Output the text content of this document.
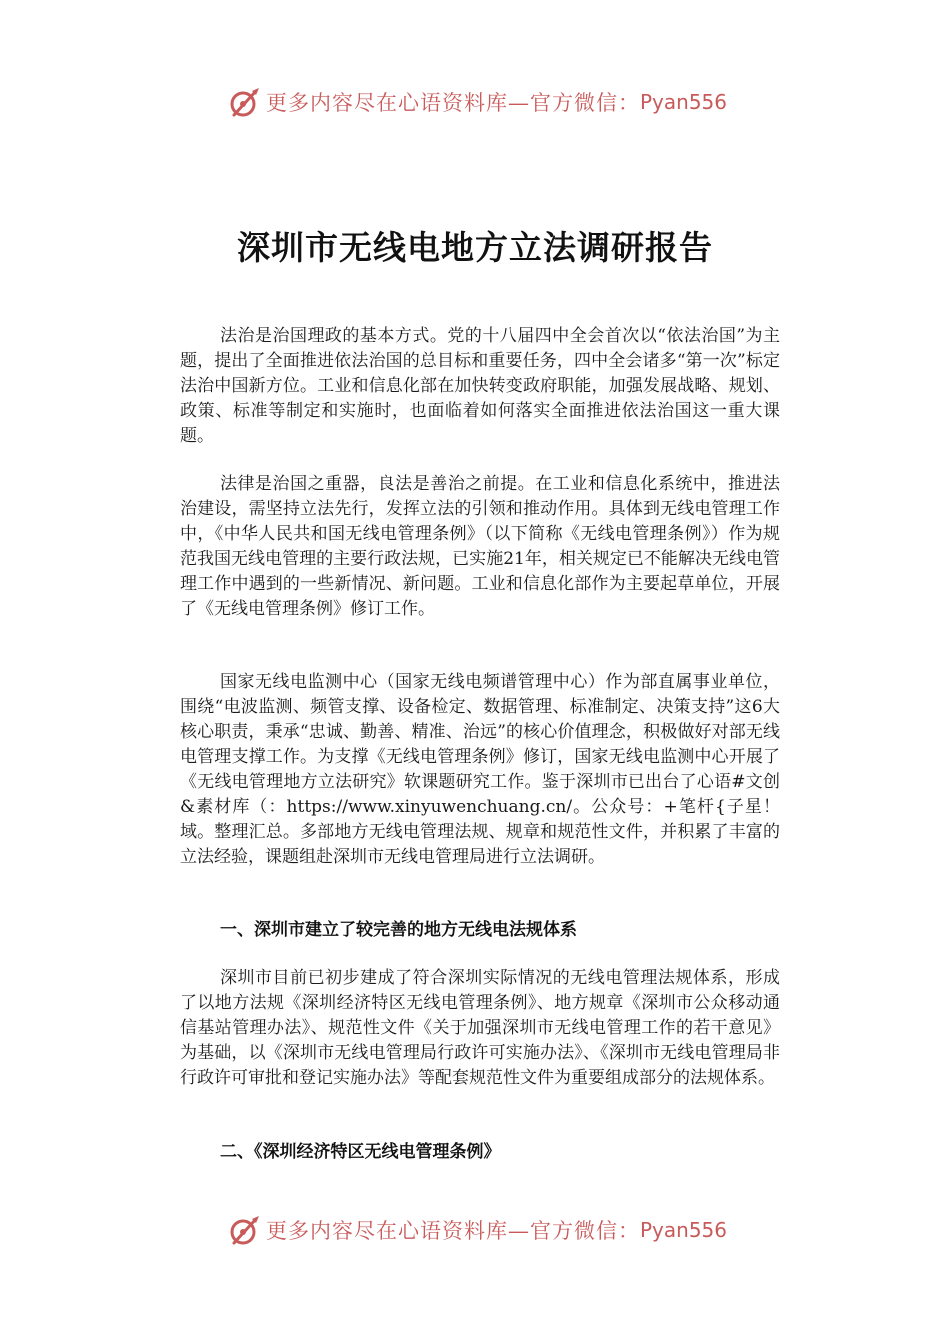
更多内容尽在心语资料库—官方微信： Pyan556
深圳市无线电地方立法调研报告

法治是治国理政的基本方式。党的十八届四中全会首次以“依法治国”为主题，提出了全面推进依法治国的总目标和重要任务，四中全会诸多“第一次”标定法治中国新方位。工业和信息化部在加快转变政府职能，加强发展战略、规划、政策、标准等制定和实施时，也面临着如何落实全面推进依法治国这一重大课题。

法律是治国之重器，良法是善治之前提。在工业和信息化系统中，推进法治建设，需坚持立法先行，发挥立法的引领和推动作用。具体到无线电管理工作中，《中华人民共和国无线电管理条例》（以下简称《无线电管理条例》）作为规范我国无线电管理的主要行政法规，已实施21年，相关规定已不能解决无线电管理工作中遇到的一些新情况、新问题。工业和信息化部作为主要起草单位，开展了《无线电管理条例》修订工作。

国家无线电监测中心（国家无线电频谱管理中心）作为部直属事业单位，围绕“电波监测、频管支撑、设备检定、数据管理、标准制定、决策支持”这6大核心职责，秉承“忠诚、勤善、精准、治远”的核心价值理念，积极做好对部无线电管理支撑工作。为支撑《无线电管理条例》修订，国家无线电监测中心开展了《无线电管理地方立法研究》软课题研究工作。鉴于深圳市已出台了心语#文创&素材库（：https://www.xinyuwenchuang.cn/。公众号：+笔杆{子星！域。整理汇总。多部地方无线电管理法规、规章和规范性文件，并积累了丰富的立法经验，课题组赴深圳市无线电管理局进行立法调研。

一、深圳市建立了较完善的地方无线电法规体系

深圳市目前已初步建成了符合深圳实际情况的无线电管理法规体系，形成了以地方法规《深圳经济特区无线电管理条例》、地方规章《深圳市公众移动通信基站管理办法》、规范性文件《关于加强深圳市无线电管理工作的若干意见》为基础，以《深圳市无线电管理局行政许可实施办法》、《深圳市无线电管理局非行政许可审批和登记实施办法》等配套规范性文件为重要组成部分的法规体系。

二、《深圳经济特区无线电管理条例》
更多内容尽在心语资料库—官方微信： Pyan556
